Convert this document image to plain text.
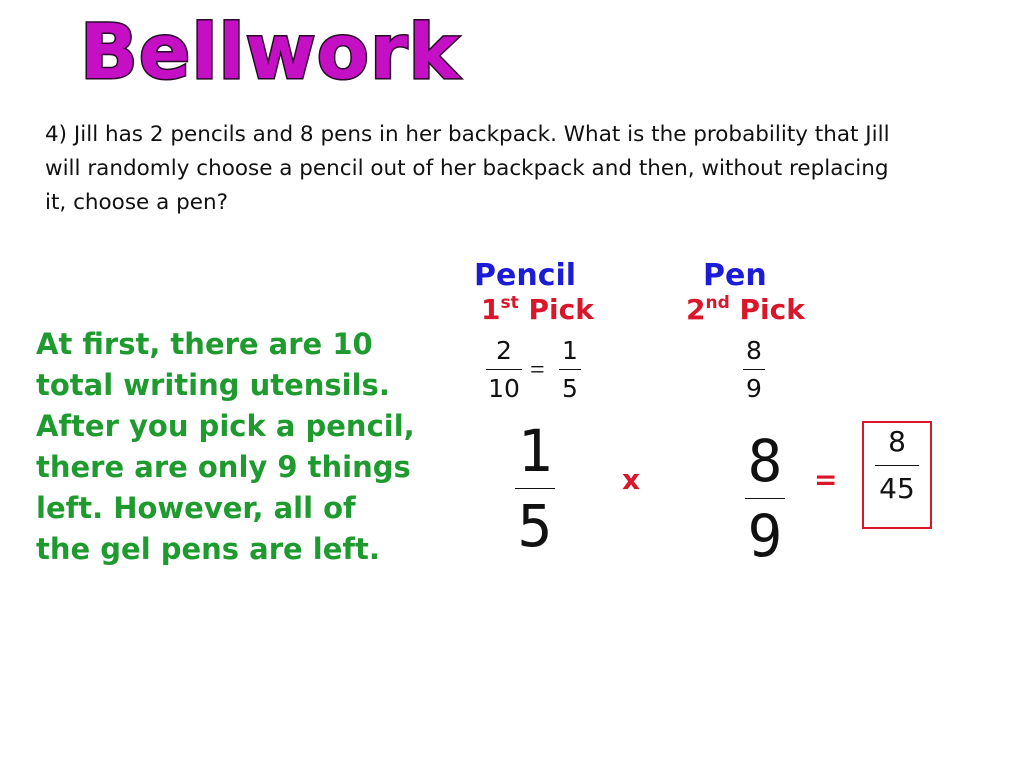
Bellwork
4) Jill has 2 pencils and 8 pens in her backpack. What is the probability that Jill will randomly choose a pencil out of her backpack and then, without replacing it, choose a pen?
Pencil	Pen
1st Pick	2nd Pick
2
10
=
1
5
8
9
At first, there are 10 total writing utensils. After you pick a pencil, there are only 9 things left. However, all of the gel pens are left.
1
5
x 8
9
=
8
45
